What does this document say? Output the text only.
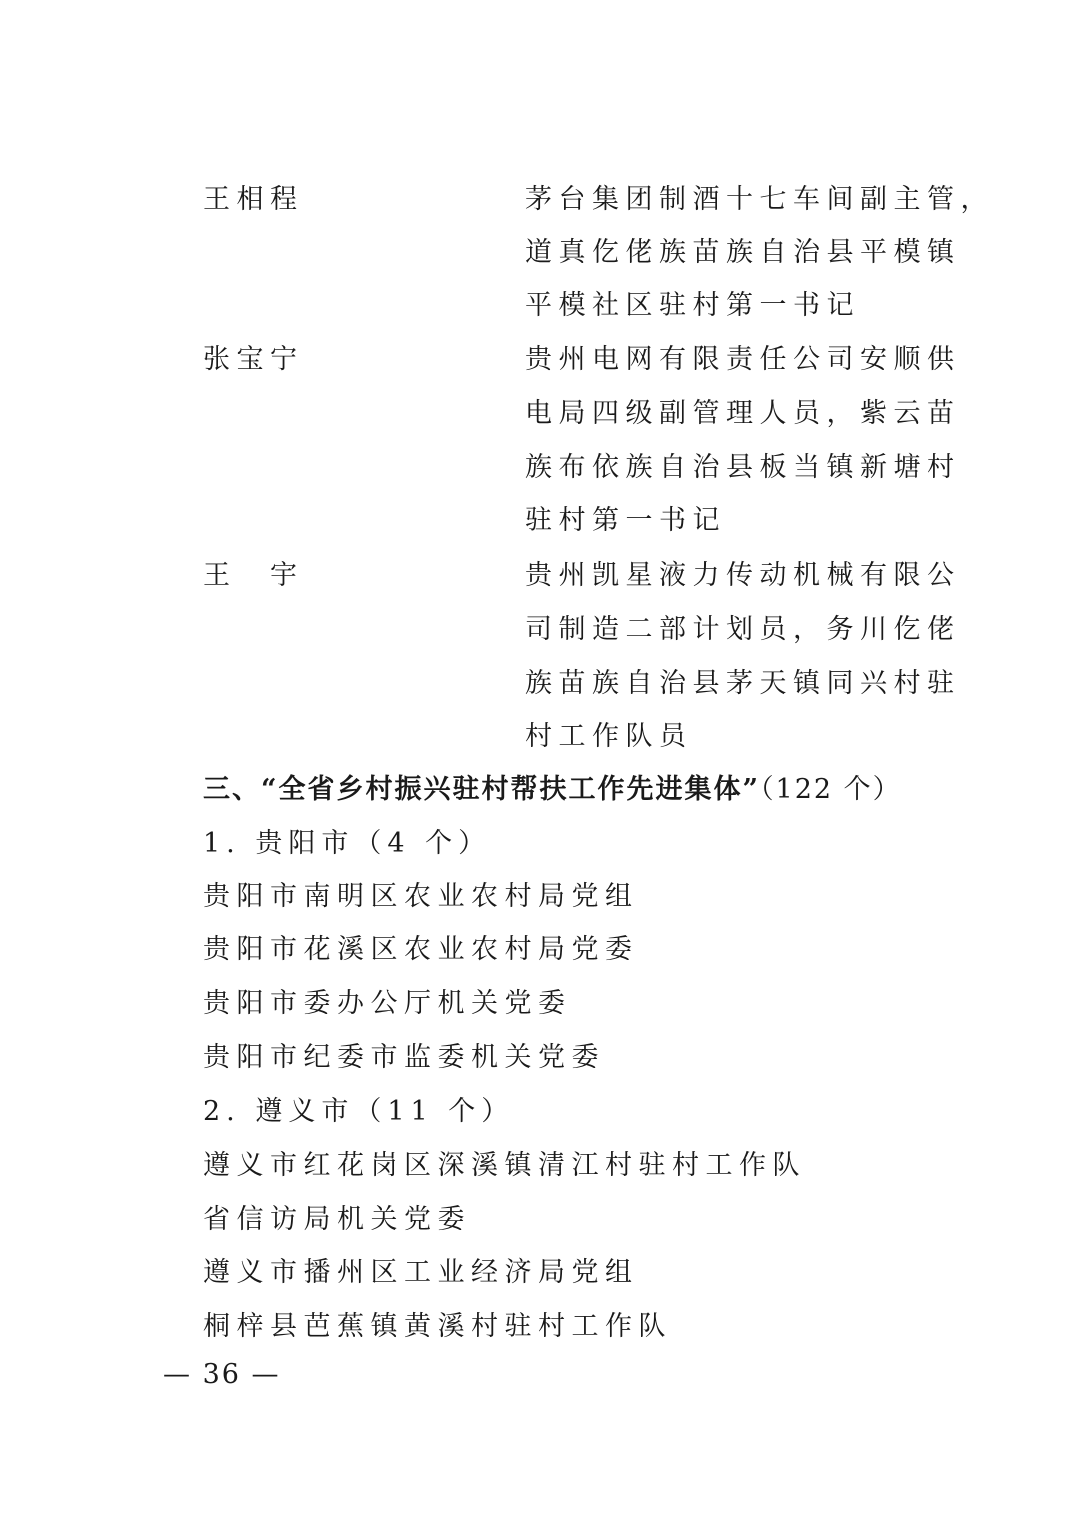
王相程	茅台集团制酒十七车间副主管，
道真仡佬族苗族自治县平模镇
平模社区驻村第一书记
张宝宁	贵州电网有限责任公司安顺供
电局四级副管理人员，紫云苗
族布依族自治县板当镇新塘村
驻村第一书记
王　宇	贵州凯星液力传动机械有限公
司制造二部计划员，务川仡佬
族苗族自治县茅天镇同兴村驻
村工作队员
三、“全省乡村振兴驻村帮扶工作先进集体”（122 个）
1. 贵阳市（4 个）
贵阳市南明区农业农村局党组
贵阳市花溪区农业农村局党委
贵阳市委办公厅机关党委
贵阳市纪委市监委机关党委
2. 遵义市（11 个）
遵义市红花岗区深溪镇清江村驻村工作队
省信访局机关党委
遵义市播州区工业经济局党组
桐梓县芭蕉镇黄溪村驻村工作队
— 36 —
